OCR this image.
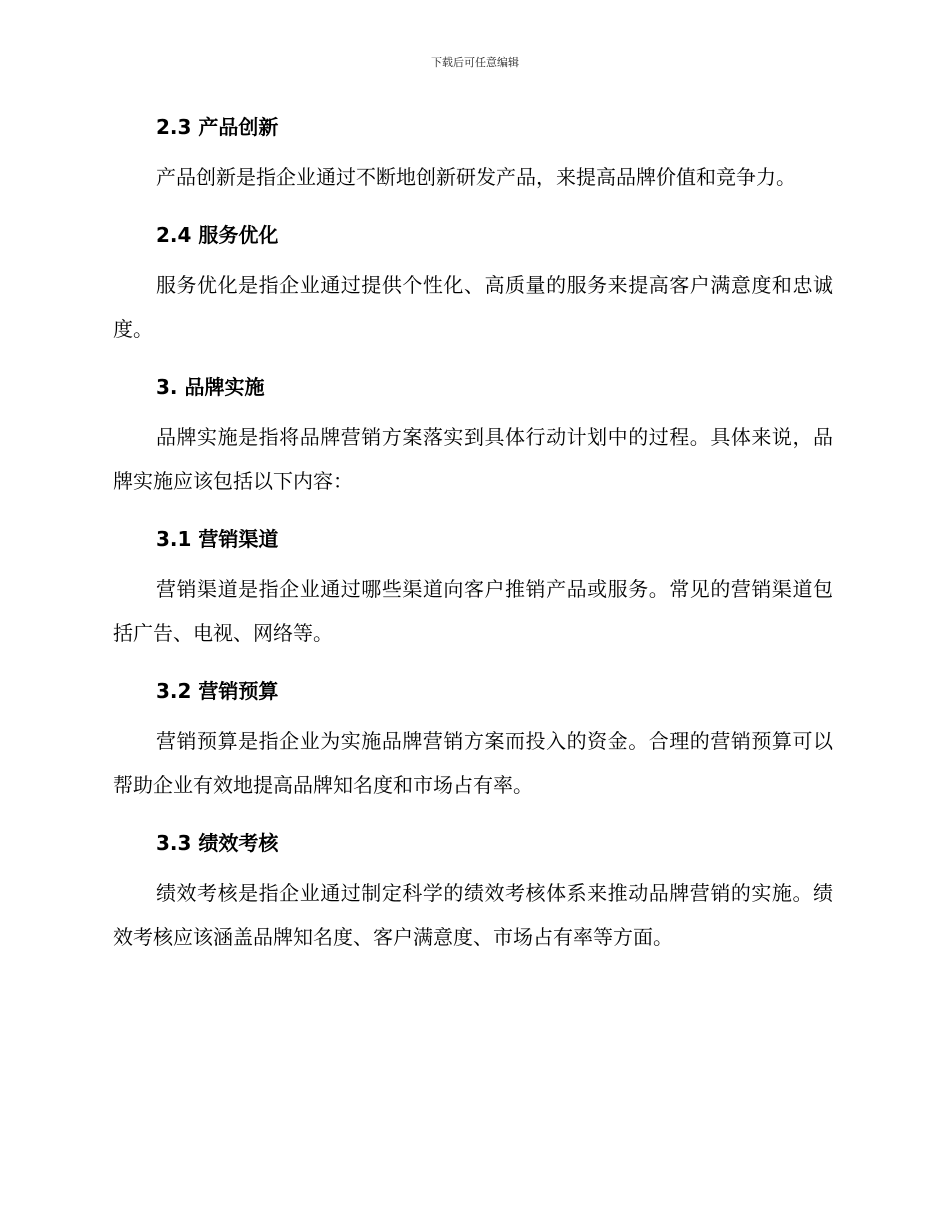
下载后可任意编辑
2.3 产品创新

产品创新是指企业通过不断地创新研发产品，来提高品牌价值和竞争力。

2.4 服务优化

服务优化是指企业通过提供个性化、高质量的服务来提高客户满意度和忠诚度。

3. 品牌实施

品牌实施是指将品牌营销方案落实到具体行动计划中的过程。具体来说，品牌实施应该包括以下内容：

3.1 营销渠道

营销渠道是指企业通过哪些渠道向客户推销产品或服务。常见的营销渠道包括广告、电视、网络等。

3.2 营销预算

营销预算是指企业为实施品牌营销方案而投入的资金。合理的营销预算可以帮助企业有效地提高品牌知名度和市场占有率。

3.3 绩效考核

绩效考核是指企业通过制定科学的绩效考核体系来推动品牌营销的实施。绩效考核应该涵盖品牌知名度、客户满意度、市场占有率等方面。
